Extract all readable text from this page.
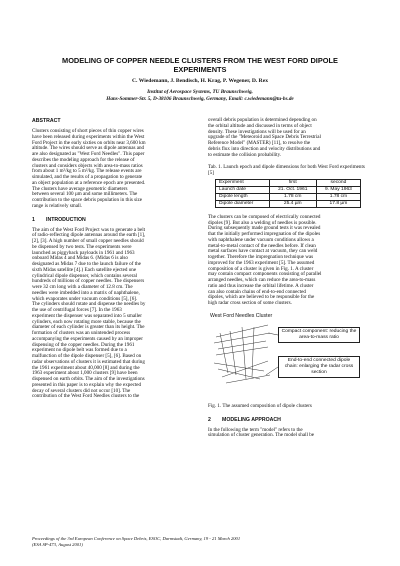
MODELING OF COPPER NEEDLE CLUSTERS FROM THE WEST FORD DIPOLE
EXPERIMENTS
C. Wiedemann, J. Bendisch, H. Krag, P. Wegener, D. Rex
Institut of Aerospace Systems, TU Braunschweig,
Hans-Sommer-Str. 5, D-38106 Braunschweig, Germany, Email: c.wiedemann@tu-bs.de
ABSTRACT
Clusters consisting of short pieces of thin copper wires
have been released during experiments within the West
Ford Project in the early sixties on orbits near 3,600 km
altitude. The wires should serve as dipole antennas and
are also designated as "West Ford Needles". This paper
describes the modeling approach for the release of
clusters and considers objects with area-to-mass ratios
from about 1 m²/kg to 5 m²/kg. The release events are
simulated, and the results of a propagation to generate
an object population at a reference epoch are presented.
The clusters have average geometric diameters
between several 100 µm and some millimeters. The
contribution to the space debris population in this size
range is relatively small.
1 INTRODUCTION
The aim of the West Ford Project was to generate a belt
of radio-reflecting dipole antennas around the earth [1],
[2], [3]. A high number of small copper needles should
be dispensed by two tests. The experiments were
launched as piggyback payloads in 1961 and 1963
onboard Midas 4 and Midas 6. (Midas 6 is also
designated as Midas 7 due to the launch failure of the
sixth Midas satellite [4].) Each satellite ejected one
cylindrical dipole dispenser, which contains several
hundreds of millions of copper needles. The dispensers
were 32 cm long with a diameter of 12.8 cm. The
needles were imbedded into a matrix of naphthalene,
which evaporates under vacuum conditions [5], [6].
The cylinders should rotate and dispense the needles by
the use of centrifugal forces [7]. In the 1963
experiment the dispenser was separated into 5 smaller
cylinders, each now rotating more stable, because the
diameter of each cylinder is greater than its height. The
formation of clusters was an unintended process
accompanying the experiments caused by an improper
dispensing of the copper needles. During the 1961
experiment no dipole belt was formed due to a
malfunction of the dipole dispenser [5], [6]. Based on
radar observations of clusters it is estimated that during
the 1961 experiment about 40,000 [8] and during the
1963 experiment about 1,000 clusters [9] have been
dispensed on earth orbits. The aim of the investigations
presented in this paper is to explain why the expected
decay of several clusters did not occur [10]. The
contribution of the West Ford Needles clusters to the
overall debris population is determined depending on
the orbital altitude and discussed in terms of object
density. These investigations will be used for an
upgrade of the "Meteoroid and Space Debris Terrestrial
Reference Model" (MASTER) [11], to resolve the
debris flux into direction and velocity distributions and
to estimate the collision probability.
Tab. 1. Launch epoch and dipole dimensions for both West Ford experiments [5]
Experiment	first	second
Launch date	21. Oct. 1961	9. May 1963
Dipole length	1.78 cm	1.78 cm
Dipole diameter	25.4 µm	17.8 µm
The clusters can be composed of electrically connected
dipoles [9]. But also a welding of needles is possible.
During subsequently made ground tests it was revealed
that the initially performed impregnation of the dipoles
with naphthalene under vacuum conditions allows a
metal-to-metal contact of the needles before. If clean
metal surfaces have contact at vacuum, they can weld
together. Therefore the impregnation technique was
improved for the 1963 experiment [5]. The assumed
composition of a cluster is given in Fig. 1. A cluster
may contain compact components consisting of parallel
arranged needles, which can reduce the area-to-mass
ratio and thus increase the orbital lifetime. A cluster
can also contain chains of end-to-end connected
dipoles, which are believed to be responsible for the
high radar cross section of some clusters.
West Ford Needles Cluster
Compact component: reducing the area-to-mass ratio
End-to-end connected dipole chain: enlarging the radar cross section
Fig. 1. The assumed composition of dipole clusters
2 MODELING APPROACH
In the following the term "model" refers to the
simulation of cluster generation. The model shall be
Proceedings of the 3rd European Conference on Space Debris, ESOC, Darmstadt, Germany, 19 - 21 March 2001
(ESA SP-473, August 2001)
